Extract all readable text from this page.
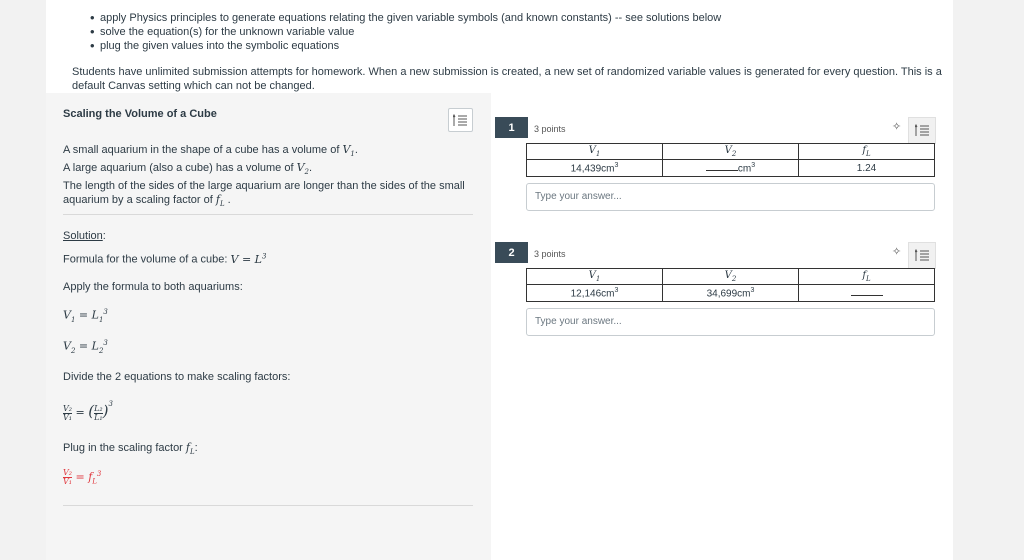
• apply Physics principles to generate equations relating the given variable symbols (and known constants) -- see solutions below
• solve the equation(s) for the unknown variable value
• plug the given values into the symbolic equations
Students have unlimited submission attempts for homework. When a new submission is created, a new set of randomized variable values is generated for every question. This is a default Canvas setting which can not be changed.
Scaling the Volume of a Cube
A small aquarium in the shape of a cube has a volume of $V_1$.
A large aquarium (also a cube) has a volume of $V_2$.
The length of the sides of the large aquarium are longer than the sides of the small aquarium by a scaling factor of $f_L$ .
Solution:
Formula for the volume of a cube: $V = L^3$
Apply the formula to both aquariums:
$V_1 = L_1^3$
$V_2 = L_2^3$
Divide the 2 equations to make scaling factors:
$\frac{\text{V₂}}{\text{V₁}}$ = ( $\frac{\text{L₂}}{\text{L₁}} )^3$
Plug in the scaling factor $f_L$:
$\frac{\text{V₂}}{\text{V₁}} = f_L^3$
1	3 points	✧
$V_1$	$V_2$	$f_L$
$14,439cm^3$	$cm^3$	1.24
Type your answer...
2	3 points	✧
$V_1$	$V_2$	$f_L$
$12,146cm^3$	$34,699cm^3$	
Type your answer...
